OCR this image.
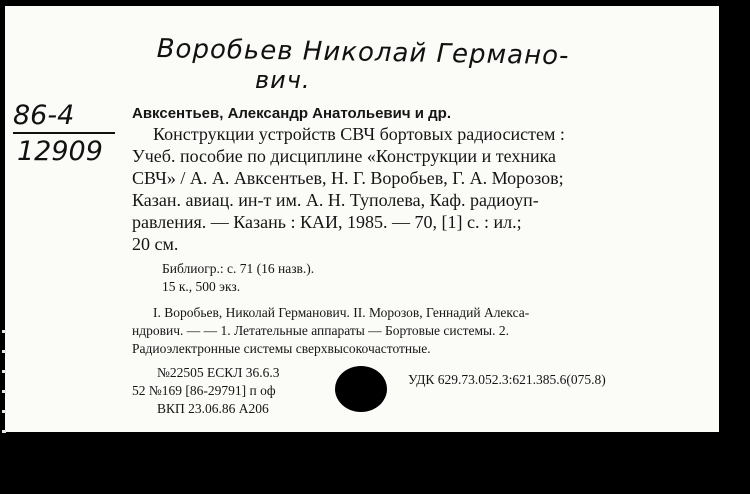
Воробьев Николай Германо-
вич.
86-4
12909
Авксентьев, Александр Анатольевич и др.
Конструкции устройств СВЧ бортовых радиосистем :
Учеб. пособие по дисциплине «Конструкции и техника
СВЧ» / А. А. Авксентьев, Н. Г. Воробьев, Г. А. Морозов;
Казан. авиац. ин-т им. А. Н. Туполева, Каф. радиоуп-
равления. — Казань : КАИ, 1985. — 70, [1] с. : ил.;
20 см.
Библиогр.: с. 71 (16 назв.).
15 к., 500 экз.
I. Воробьев, Николай Германович. II. Морозов, Геннадий Алекса-
ндрович. — — 1. Летательные аппараты — Бортовые системы. 2.
Радиоэлектронные системы сверхвысокочастотные.
№22505 ЕСКЛ 36.6.3
52 №169 [86-29791] п оф
ВКП 23.06.86 А206
УДК 629.73.052.3:621.385.6(075.8)
